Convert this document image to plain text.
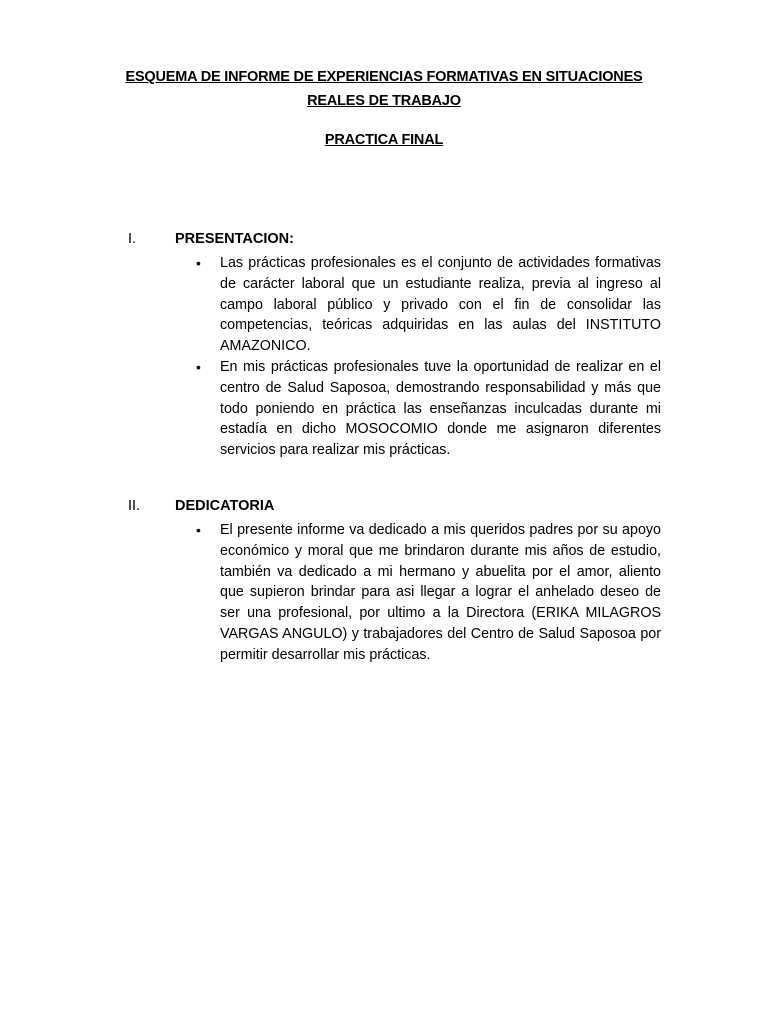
ESQUEMA DE INFORME DE EXPERIENCIAS FORMATIVAS EN SITUACIONES

REALES DE TRABAJO

PRACTICA FINAL

I.	PRESENTACION:
• Las prácticas profesionales es el conjunto de actividades formativas de carácter laboral que un estudiante realiza, previa al ingreso al campo laboral público y privado con el fin de consolidar las competencias, teóricas adquiridas en las aulas del INSTITUTO AMAZONICO.
• En mis prácticas profesionales tuve la oportunidad de realizar en el centro de Salud Saposoa, demostrando responsabilidad y más que todo poniendo en práctica las enseñanzas inculcadas durante mi estadía en dicho MOSOCOMIO donde me asignaron diferentes servicios para realizar mis prácticas.
II.	DEDICATORIA
• El presente informe va dedicado a mis queridos padres por su apoyo económico y moral que me brindaron durante mis años de estudio, también va dedicado a mi hermano y abuelita por el amor, aliento que supieron brindar para asi llegar a lograr el anhelado deseo de ser una profesional, por ultimo a la Directora (ERIKA MILAGROS VARGAS ANGULO) y trabajadores del Centro de Salud Saposoa por permitir desarrollar mis prácticas.
